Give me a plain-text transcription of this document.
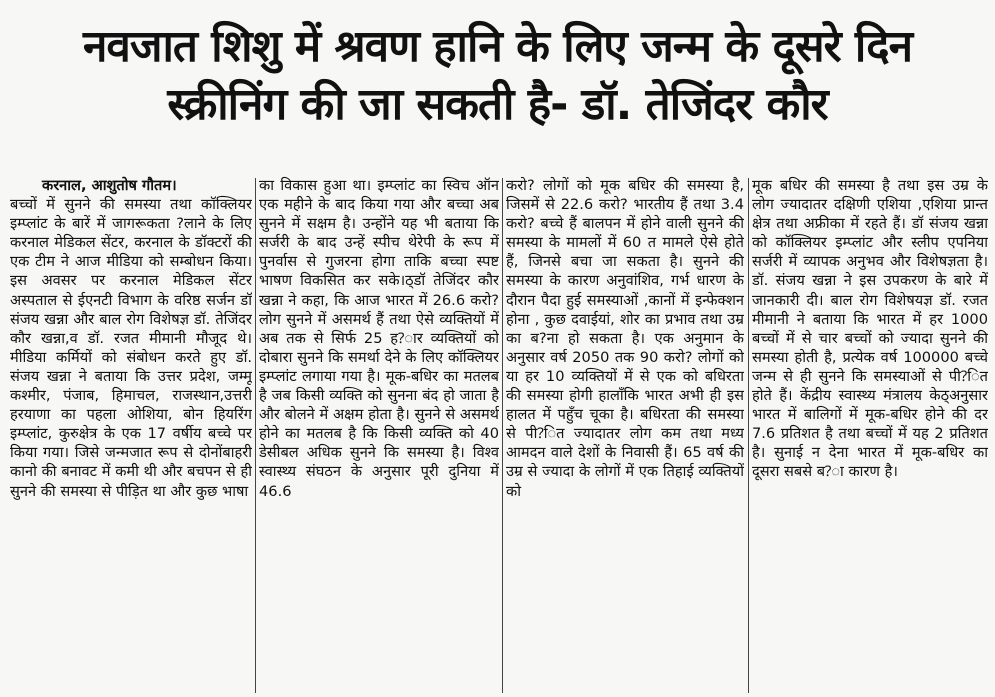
नवजात शिशु में श्रवण हानि के लिए जन्म के दूसरे दिन
स्क्रीनिंग की जा सकती है- डॉ. तेजिंदर कौर

करनाल, आशुतोष गौतम।

बच्चों में सुनने की समस्या तथा कॉक्लियर इम्प्लांट के बारें में जागरूकता ?लाने के लिए करनाल मेडिकल सेंटर, करनाल के डॉक्टरों की एक टीम ने आज मीडिया को सम्बोधन किया। इस अवसर पर करनाल मेडिकल सेंटर अस्पताल से ईएनटी विभाग के वरिष्ठ सर्जन डॉ संजय खन्ना और बाल रोग विशेषज्ञ डॉ. तेजिंदर कौर खन्ना,व डॉ. रजत मीमानी मौजूद थे। मीडिया कर्मियों को संबोधन करते हुए डॉ. संजय खन्ना ने बताया कि उत्तर प्रदेश, जम्मू कश्मीर, पंजाब, हिमाचल, राजस्थान,उत्तरी हरयाणा का पहला ओशिया, बोन हियरिंग इम्प्लांट, कुरुक्षेत्र के एक 17 वर्षीय बच्चे पर किया गया। जिसे जन्मजात रूप से दोनोंबाहरी कानो की बनावट में कमी थी और बचपन से ही सुनने की समस्या से पीड़ित था और कुछ भाषा

का विकास हुआ था। इम्प्लांट का स्विच ऑन एक महीने के बाद किया गया और बच्चा अब सुनने में सक्षम है। उन्होंने यह भी बताया कि सर्जरी के बाद उन्हें स्पीच थेरेपी के रूप में पुनर्वास से गुजरना होगा ताकि बच्चा स्पष्ट भाषण विकसित कर सके।ठ्डॉ तेजिंदर कौर खन्ना ने कहा, कि आज भारत में 26.6 करो? लोग सुनने में असमर्थ हैं तथा ऐसे व्यक्तियों में अब तक से सिर्फ 25 ह?ार व्यक्तियों को दोबारा सुनने कि समर्था देने के लिए कॉक्लियर इम्प्लांट लगाया गया है। मूक-बधिर का मतलब है जब किसी व्यक्ति को सुनना बंद हो जाता है और बोलने में अक्षम होता है। सुनने से असमर्थ होने का मतलब है कि किसी व्यक्ति को 40 डेसीबल अधिक सुनने कि समस्या है। विश्व स्वास्थ्य संघठन के अनुसार पूरी दुनिया में 46.6

करो? लोगों को मूक बधिर की समस्या है, जिसमें से 22.6 करो? भारतीय हैं तथा 3.4 करो? बच्चे हैं बालपन में होने वाली सुनने की समस्या के मामलों में 60 त मामले ऐसे होते हैं, जिनसे बचा जा सकता है। सुनने की समस्या के कारण अनुवांशिव, गर्भ धारण के दौरान पैदा हुई समस्याओं ,कानों में इन्फेक्शन होना , कुछ दवाईयां, शोर का प्रभाव तथा उम्र का ब?ना हो सकता है। एक अनुमान के अनुसार वर्ष 2050 तक 90 करो? लोगों को या हर 10 व्यक्तियों में से एक को बधिरता की समस्या होगी हालाँकि भारत अभी ही इस हालत में पहुँच चूका है। बधिरता की समस्या से पी?ित ज्यादातर लोग कम तथा मध्य आमदन वाले देशों के निवासी हैं। 65 वर्ष की उम्र से ज्यादा के लोगों में एक तिहाई व्यक्तियों को

मूक बधिर की समस्या है तथा इस उम्र के लोग ज्यादातर दक्षिणी एशिया ,एशिया प्रान्त क्षेत्र तथा अफ्रीका में रहते हैं। डॉ संजय खन्ना को कॉक्लियर इम्प्लांट और स्लीप एपनिया सर्जरी में व्यापक अनुभव और विशेषज्ञता है। डॉ. संजय खन्ना ने इस उपकरण के बारे में जानकारी दी। बाल रोग विशेषयज्ञ डॉ. रजत मीमानी ने बताया कि भारत में हर 1000 बच्चों में से चार बच्चों को ज्यादा सुनने की समस्या होती है, प्रत्येक वर्ष 100000 बच्चे जन्म से ही सुनने कि समस्याओं से पी?ित होते हैं। केंद्रीय स्वास्थ्य मंत्रालय केठ्अनुसार भारत में बालिगों में मूक-बधिर होने की दर 7.6 प्रतिशत है तथा बच्चों में यह 2 प्रतिशत है। सुनाई न देना भारत में मूक-बधिर का दूसरा सबसे ब?ा कारण है।
